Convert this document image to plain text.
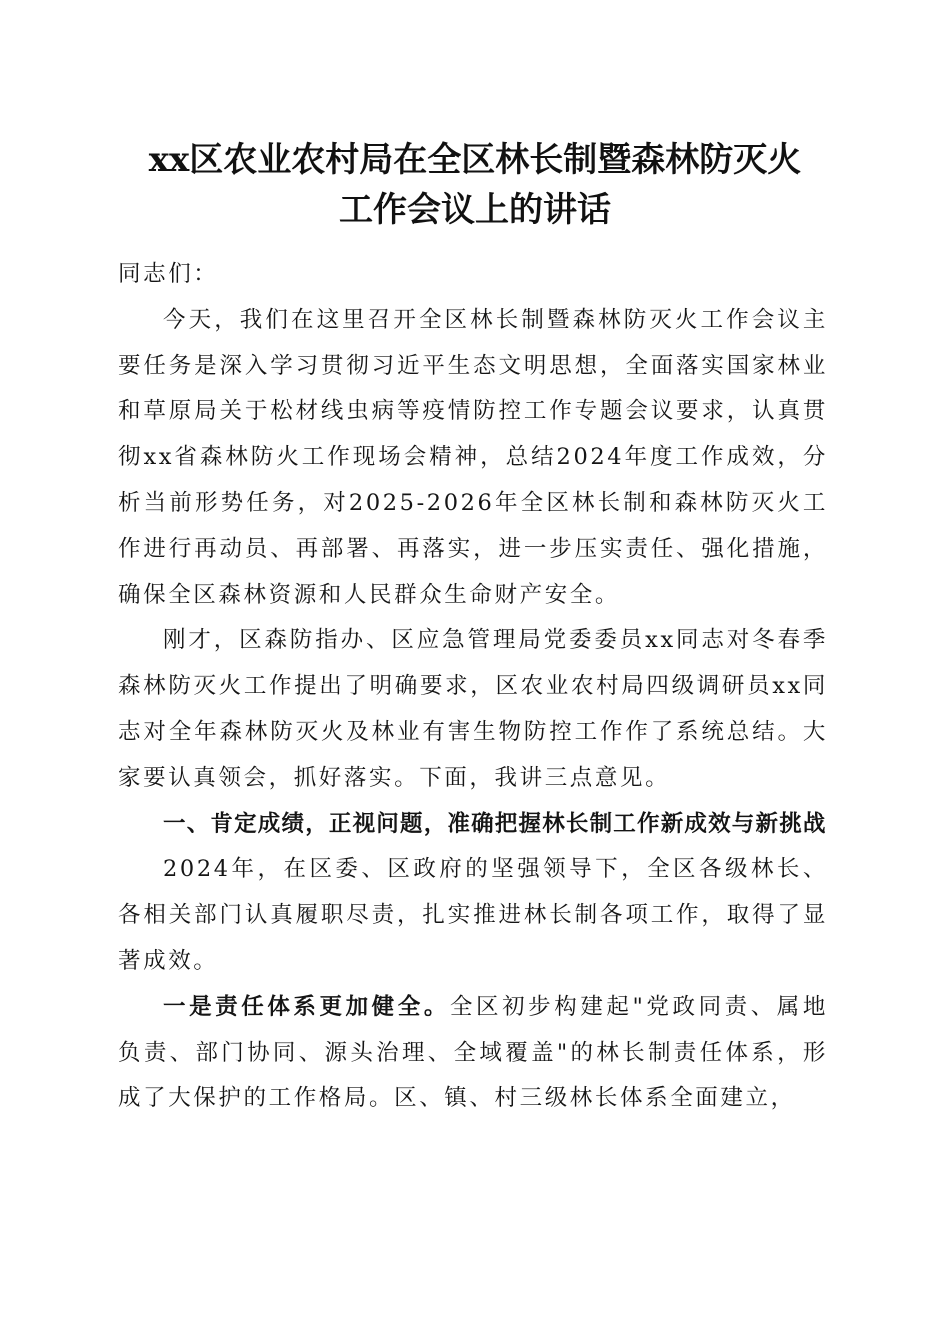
xx区农业农村局在全区林长制暨森林防灭火
工作会议上的讲话

同志们：

今天，我们在这里召开全区林长制暨森林防灭火工作会议主要任务是深入学习贯彻习近平生态文明思想，全面落实国家林业和草原局关于松材线虫病等疫情防控工作专题会议要求，认真贯彻xx省森林防火工作现场会精神，总结2024年度工作成效，分析当前形势任务，对2025-2026年全区林长制和森林防灭火工作进行再动员、再部署、再落实，进一步压实责任、强化措施，确保全区森林资源和人民群众生命财产安全。

刚才，区森防指办、区应急管理局党委委员xx同志对冬春季森林防灭火工作提出了明确要求，区农业农村局四级调研员xx同志对全年森林防灭火及林业有害生物防控工作作了系统总结。大家要认真领会，抓好落实。下面，我讲三点意见。

一、肯定成绩，正视问题，准确把握林长制工作新成效与新挑战

2024年，在区委、区政府的坚强领导下，全区各级林长、各相关部门认真履职尽责，扎实推进林长制各项工作，取得了显著成效。

一是责任体系更加健全。全区初步构建起"党政同责、属地负责、部门协同、源头治理、全域覆盖"的林长制责任体系，形成了大保护的工作格局。区、镇、村三级林长体系全面建立，
